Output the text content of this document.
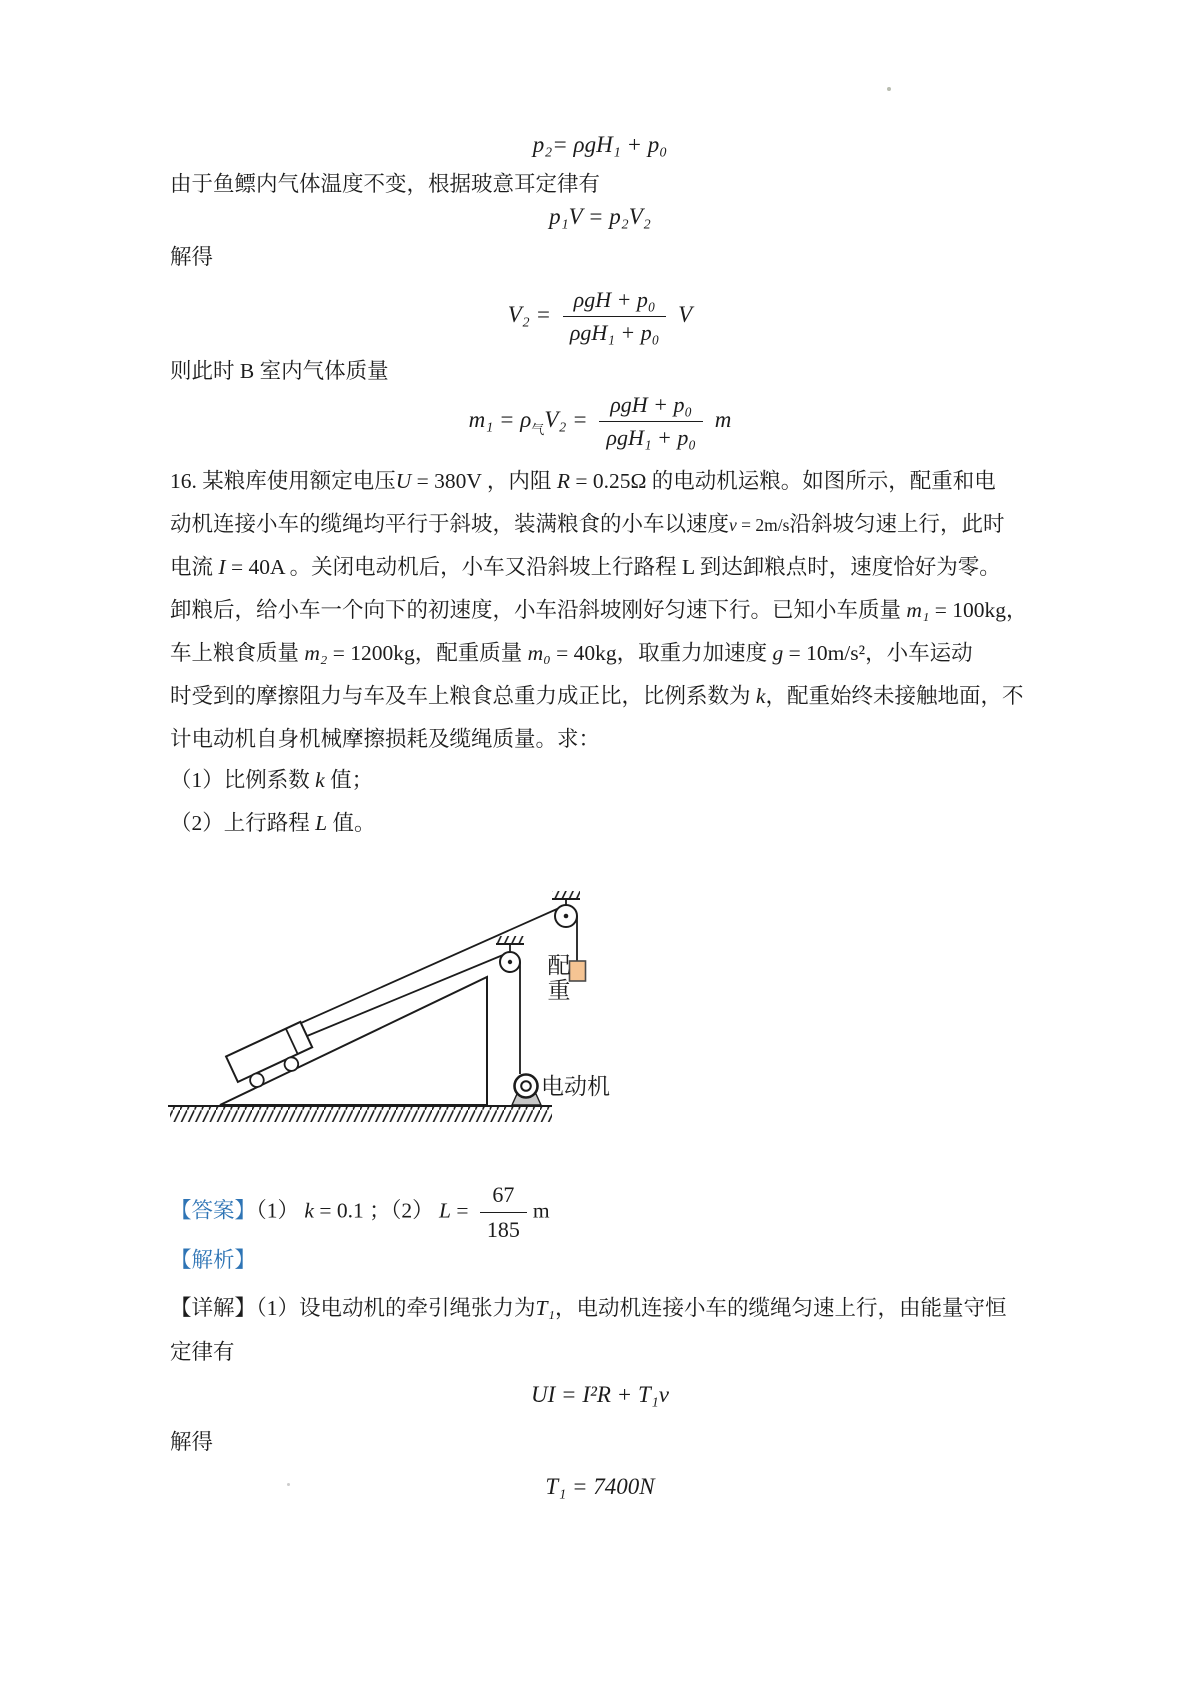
p₂= ρgH₁ + p₀
由于鱼鳔内气体温度不变，根据玻意耳定律有
p₁V = p₂V₂
解得
$V_2 = \frac{\text{ρgH + p₀}}{\text{ρgH₁ + p₀}}$ V
则此时 B 室内气体质量
$m_1 = \rho_气V_2 = \frac{\text{ρgH + p₀}}{\text{ρgH₁ + p₀}}$ m
16. 某粮库使用额定电压U = 380V ，内阻 R = 0.25Ω 的电动机运粮。如图所示，配重和电
动机连接小车的缆绳均平行于斜坡，装满粮食的小车以速度v = 2m/s沿斜坡匀速上行，此时
电流 I = 40A 。关闭电动机后，小车又沿斜坡上行路程 L 到达卸粮点时，速度恰好为零。
卸粮后，给小车一个向下的初速度，小车沿斜坡刚好匀速下行。已知小车质量 m₁ = 100kg，
车上粮食质量 m₂ = 1200kg，配重质量 m₀ = 40kg，取重力加速度 g = 10m/s²，小车运动
时受到的摩擦阻力与车及车上粮食总重力成正比，比例系数为 k，配重始终未接触地面，不
计电动机自身机械摩擦损耗及缆绳质量。求：
（1）比例系数 k 值；
（2）上行路程 L 值。
配重
电动机
【答案】（1） k = 0.1 ；（2） $L = \frac{67}{185}$ m
【解析】
【详解】（1）设电动机的牵引绳张力为T₁，电动机连接小车的缆绳匀速上行，由能量守恒
定律有
UI = I²R + T₁v
解得
T₁ = 7400N
